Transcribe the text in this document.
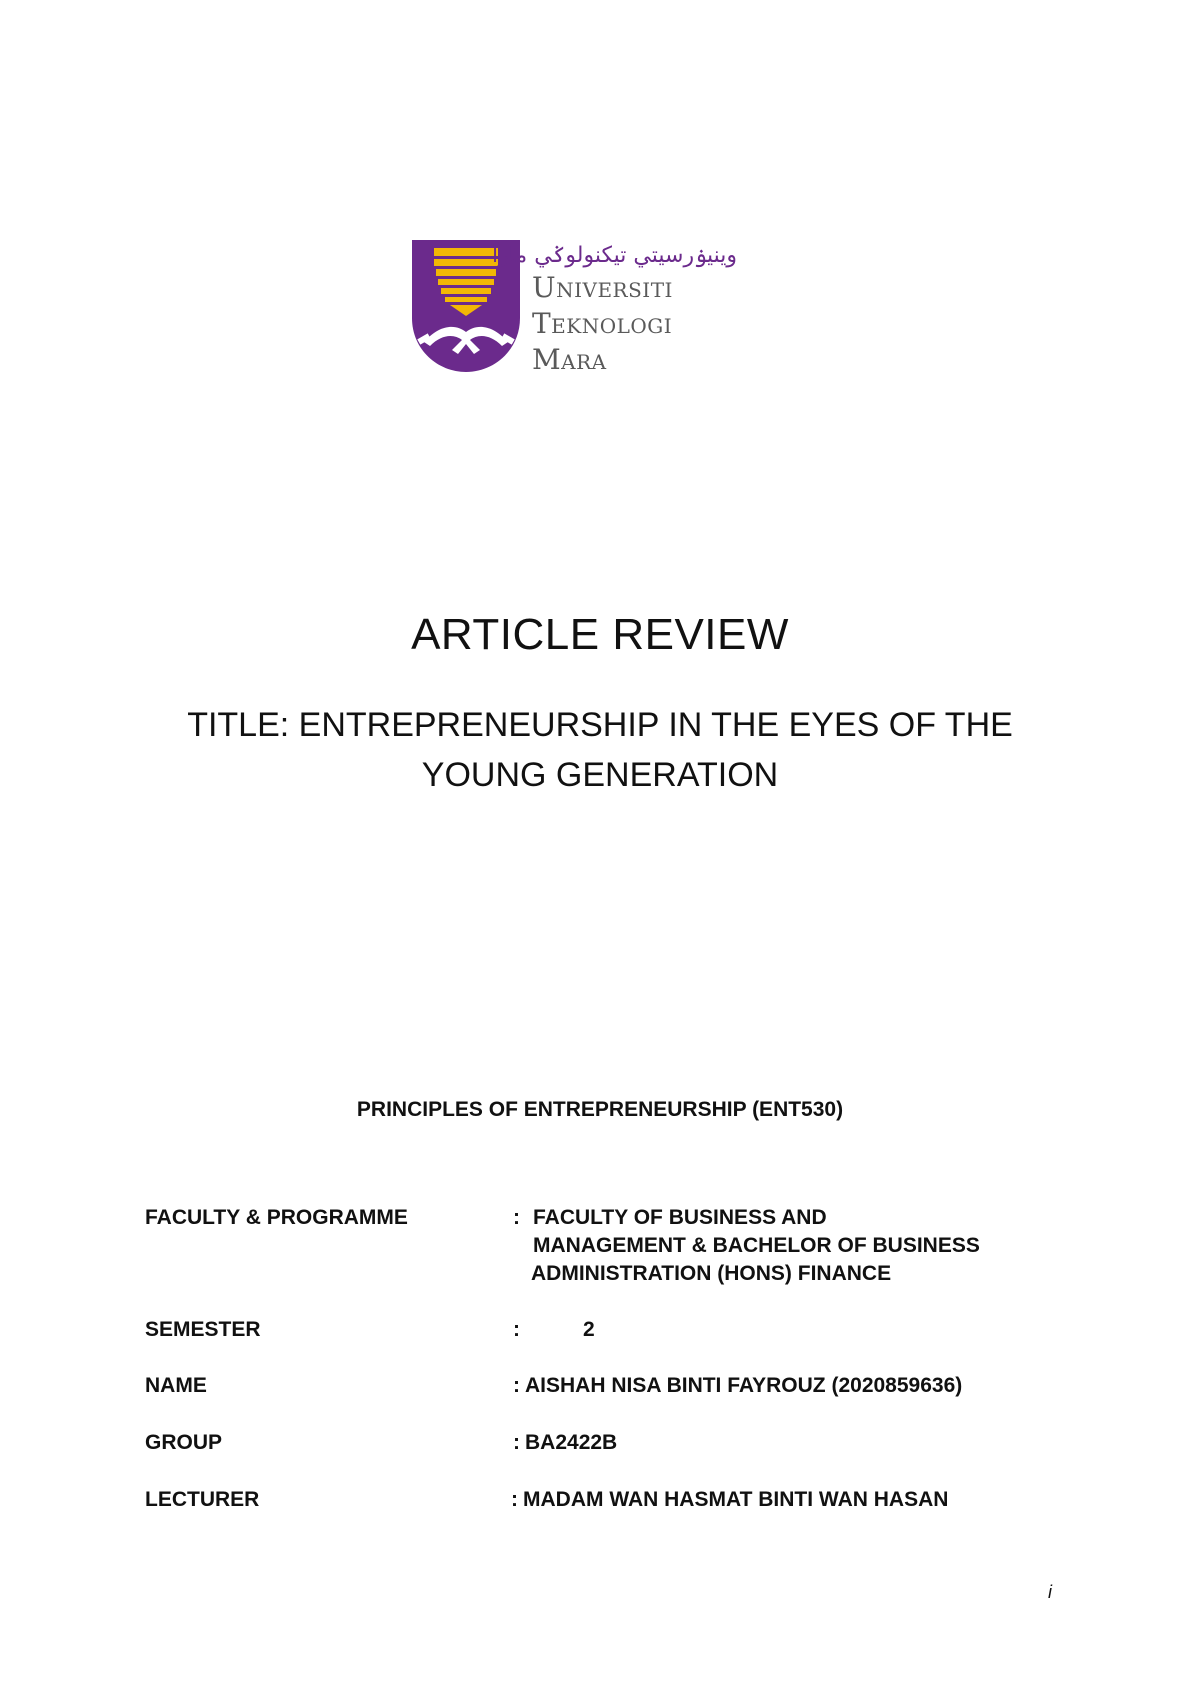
وينيۏرسيتي تيکنولوݢي مارا
Universiti
Teknologi
Mara
ARTICLE REVIEW
TITLE: ENTREPRENEURSHIP IN THE EYES OF THE
YOUNG GENERATION
PRINCIPLES OF ENTREPRENEURSHIP (ENT530)
FACULTY & PROGRAMME	: FACULTY OF BUSINESS AND
MANAGEMENT & BACHELOR OF BUSINESS
ADMINISTRATION (HONS) FINANCE
SEMESTER	:	2
NAME	: AISHAH NISA BINTI FAYROUZ (2020859636)
GROUP	: BA2422B
LECTURER	: MADAM WAN HASMAT BINTI WAN HASAN
i
